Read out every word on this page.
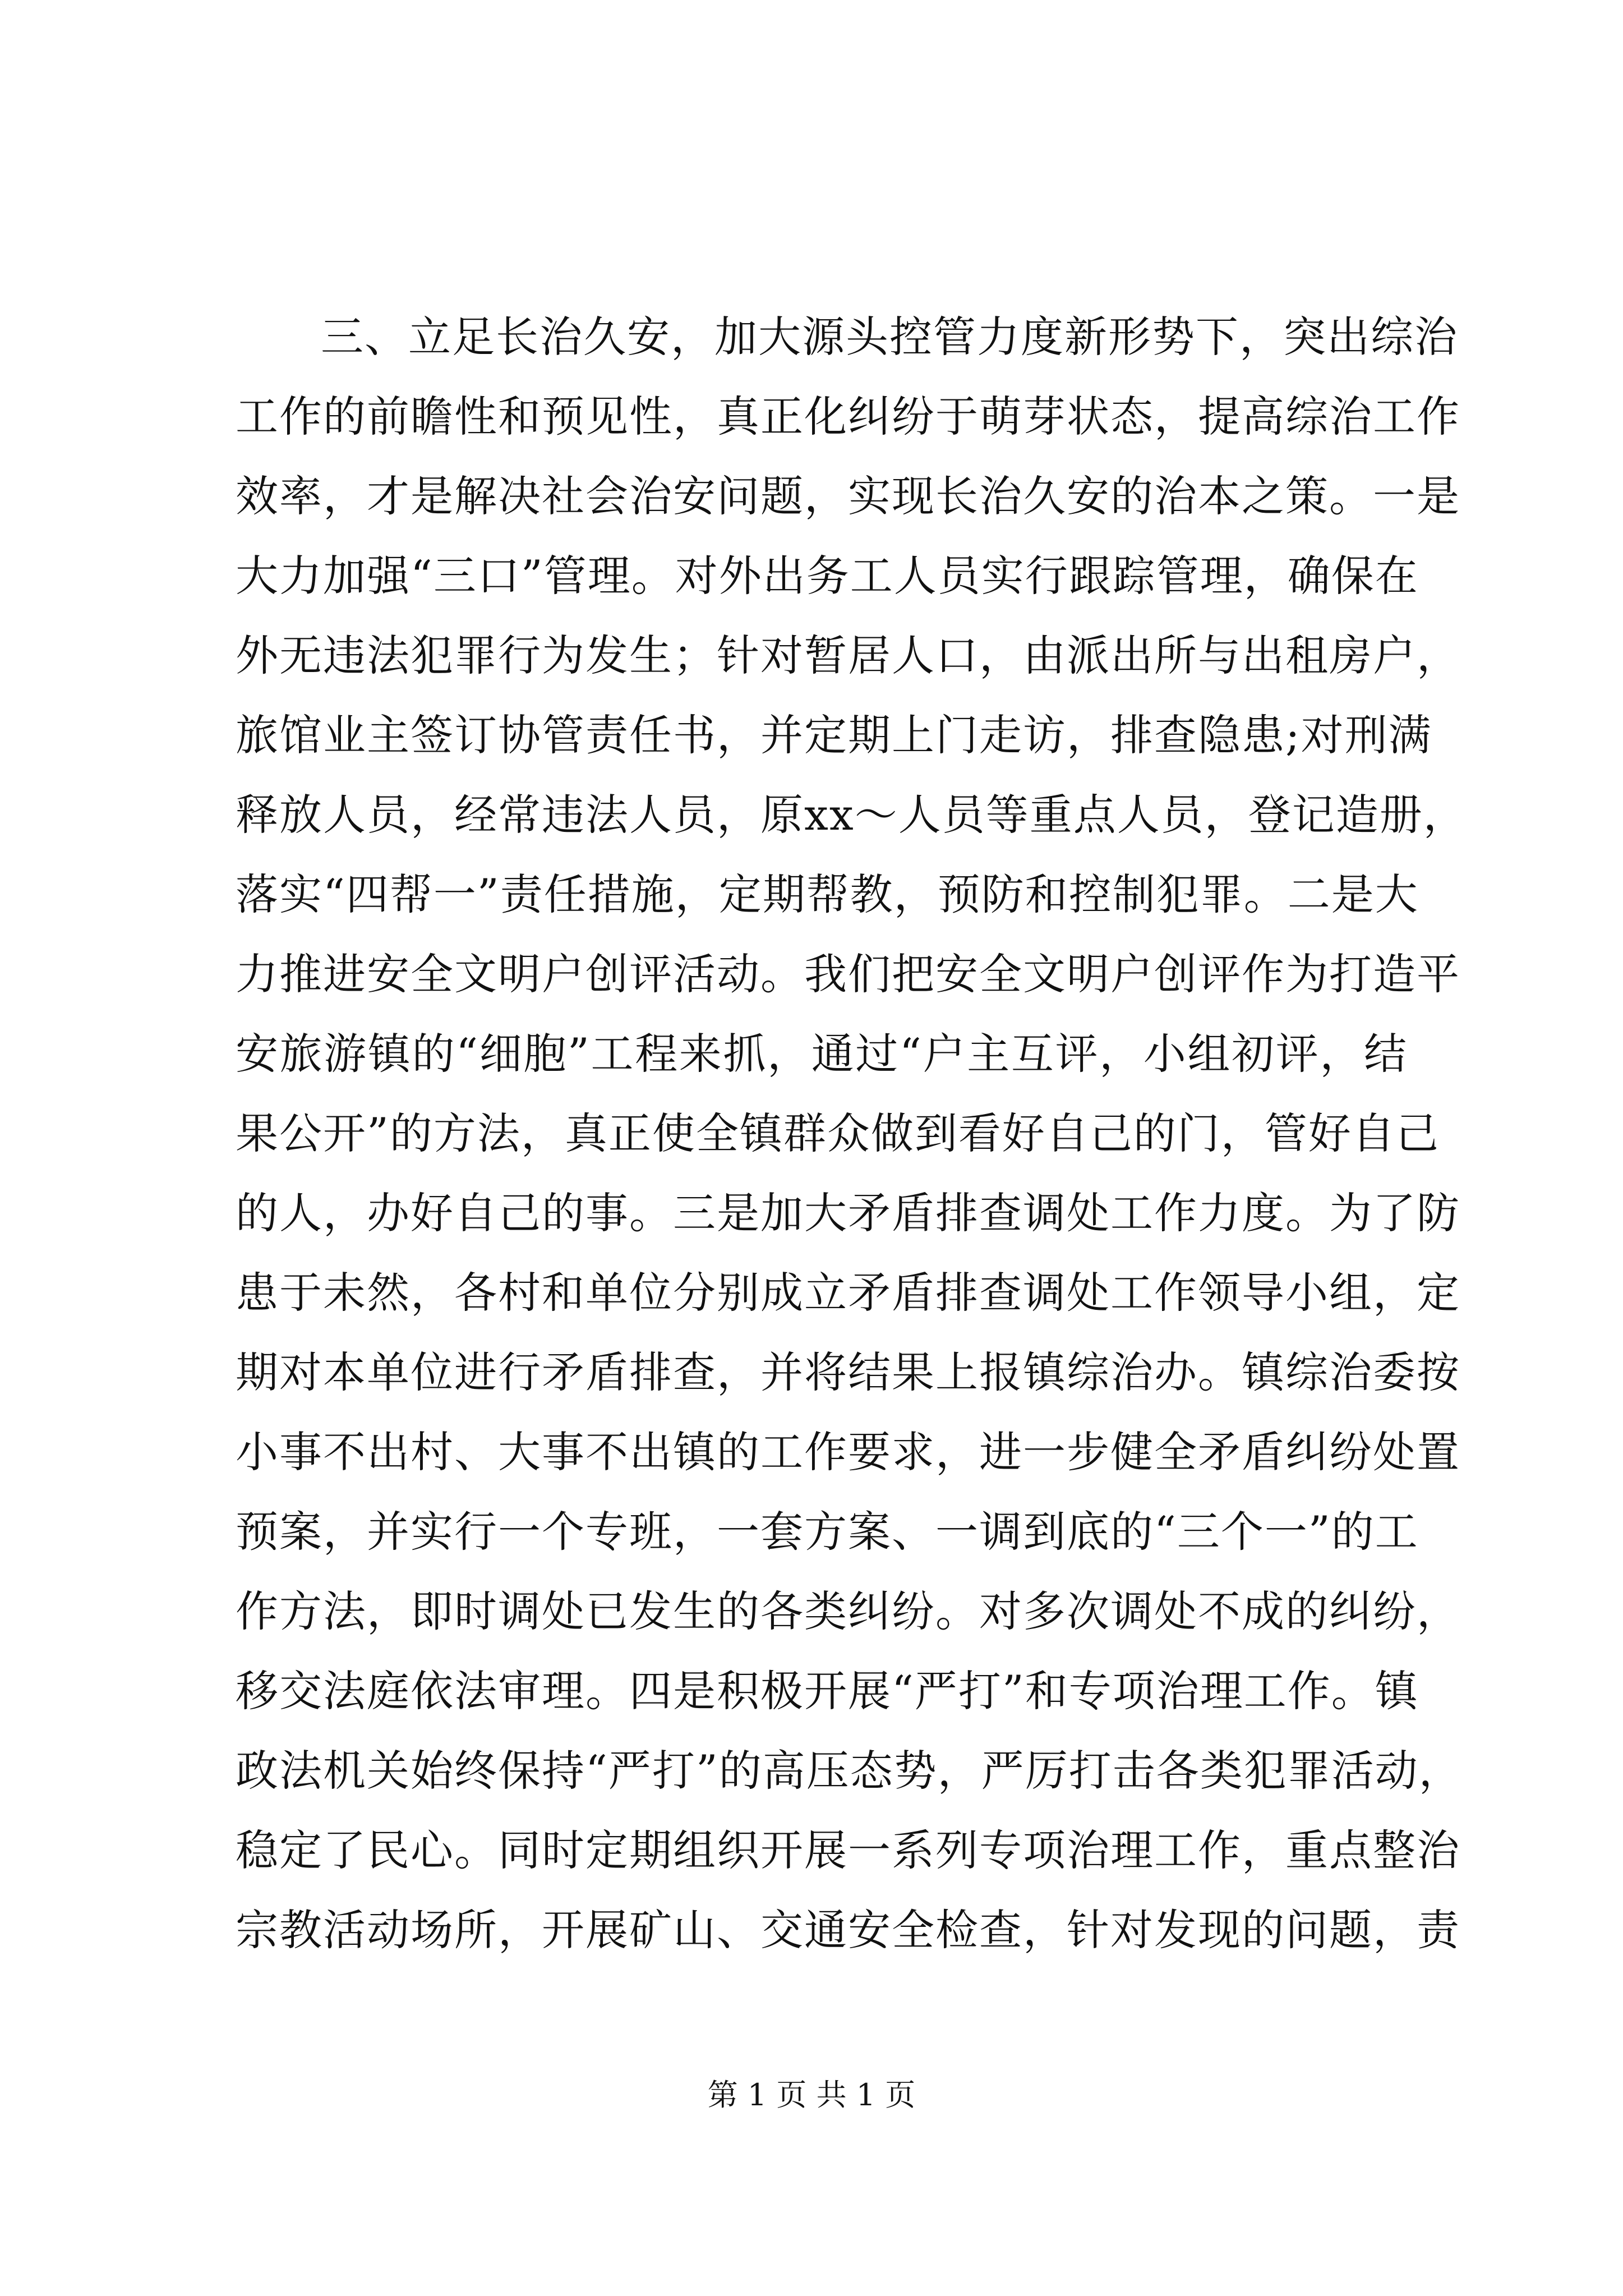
三、立足长治久安，加大源头控管力度新形势下，突出综治
工作的前瞻性和预见性，真正化纠纷于萌芽状态，提高综治工作
效率，才是解决社会治安问题，实现长治久安的治本之策。一是
大力加强“三口”管理。对外出务工人员实行跟踪管理，确保在
外无违法犯罪行为发生；针对暂居人口，由派出所与出租房户，
旅馆业主签订协管责任书，并定期上门走访，排查隐患;对刑满
释放人员，经常违法人员，原xx～人员等重点人员，登记造册，
落实“四帮一”责任措施，定期帮教，预防和控制犯罪。二是大
力推进安全文明户创评活动。我们把安全文明户创评作为打造平
安旅游镇的“细胞”工程来抓，通过“户主互评，小组初评，结
果公开”的方法，真正使全镇群众做到看好自己的门，管好自己
的人，办好自己的事。三是加大矛盾排查调处工作力度。为了防
患于未然，各村和单位分别成立矛盾排查调处工作领导小组，定
期对本单位进行矛盾排查，并将结果上报镇综治办。镇综治委按
小事不出村、大事不出镇的工作要求，进一步健全矛盾纠纷处置
预案，并实行一个专班，一套方案、一调到底的“三个一”的工
作方法，即时调处已发生的各类纠纷。对多次调处不成的纠纷，
移交法庭依法审理。四是积极开展“严打”和专项治理工作。镇
政法机关始终保持“严打”的高压态势，严厉打击各类犯罪活动，
稳定了民心。同时定期组织开展一系列专项治理工作，重点整治
宗教活动场所，开展矿山、交通安全检查，针对发现的问题，责
第 1 页 共 1 页
